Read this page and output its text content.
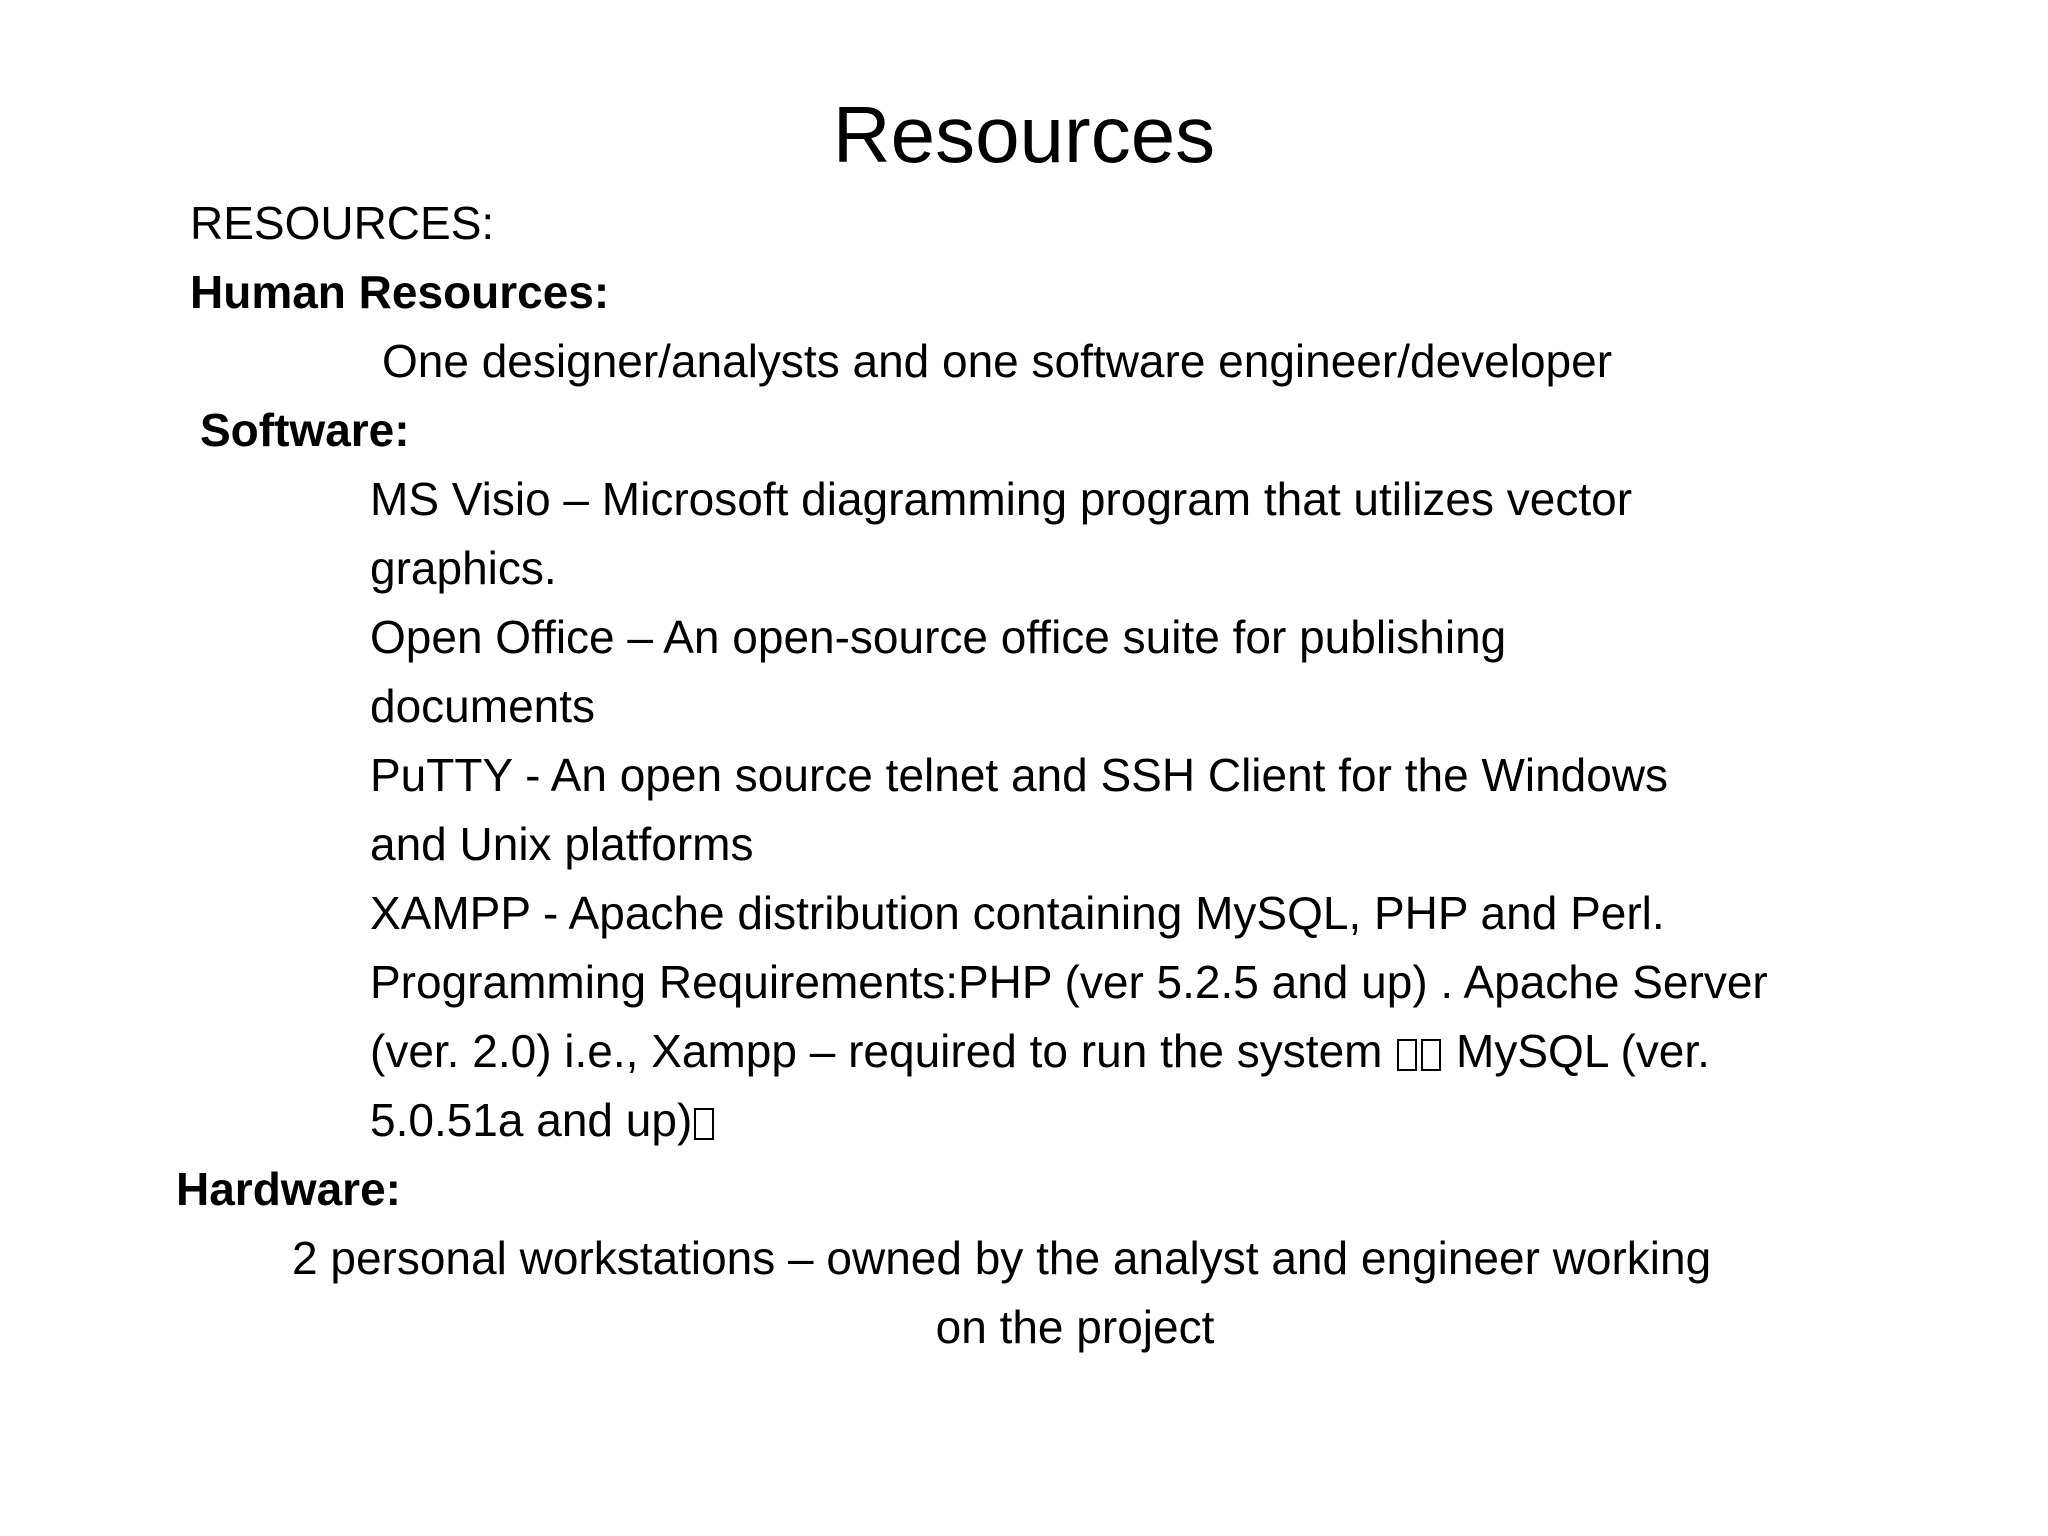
Resources
RESOURCES:
Human Resources:
One designer/analysts and one software engineer/developer
Software:
MS Visio – Microsoft diagramming program that utilizes vector
graphics.
Open Office – An open-source office suite for publishing
documents
PuTTY - An open source telnet and SSH Client for the Windows
and Unix platforms
XAMPP - Apache distribution containing MySQL, PHP and Perl.
Programming Requirements:PHP (ver 5.2.5 and up) . Apache Server
(ver. 2.0) i.e., Xampp – required to run the system  MySQL (ver.
5.0.51a and up)
Hardware:
2 personal workstations – owned by the analyst and engineer working
on the project
